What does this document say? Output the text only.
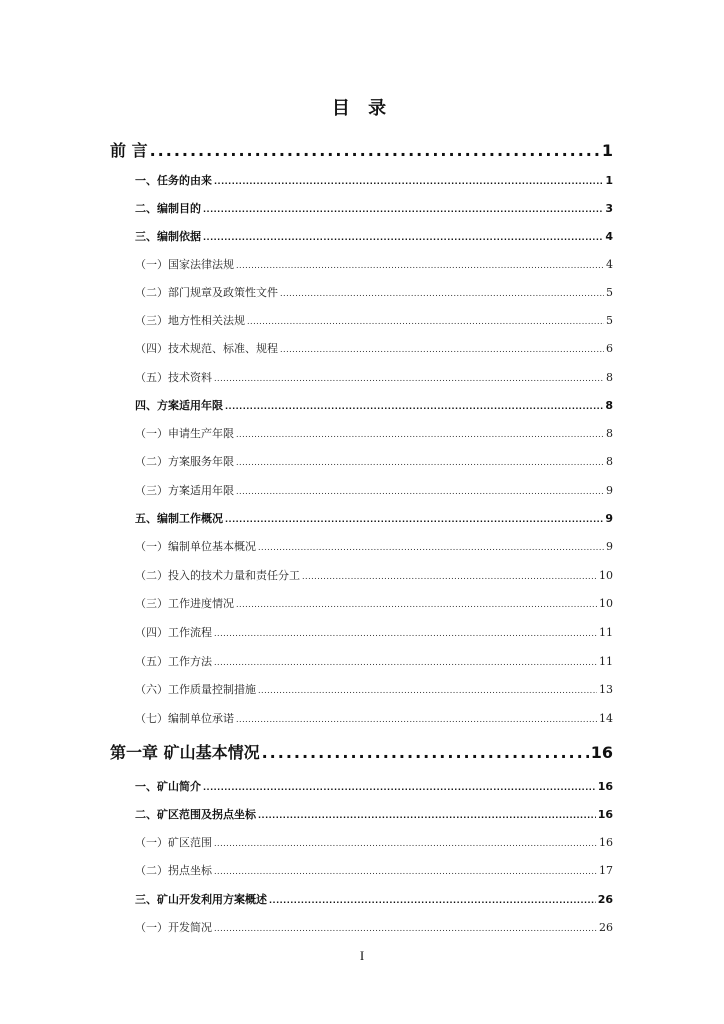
目 录
前 言 .....	1
一、任务的由来 .....	1
二、编制目的 .....	3
三、编制依据 .....	4
（一）国家法律法规 .....	4
（二）部门规章及政策性文件 .....	5
（三）地方性相关法规 .....	5
（四）技术规范、标准、规程 .....	6
（五）技术资料 .....	8
四、方案适用年限 .....	8
（一）申请生产年限 .....	8
（二）方案服务年限 .....	8
（三）方案适用年限 .....	9
五、编制工作概况 .....	9
（一）编制单位基本概况 .....	9
（二）投入的技术力量和责任分工 .....	10
（三）工作进度情况 .....	10
（四）工作流程 .....	11
（五）工作方法 .....	11
（六）工作质量控制措施 .....	13
（七）编制单位承诺 .....	14
第一章 矿山基本情况 .....	16
一、矿山简介 .....	16
二、矿区范围及拐点坐标 .....	16
（一）矿区范围 .....	16
（二）拐点坐标 .....	17
三、矿山开发利用方案概述 .....	26
（一）开发简况 .....	26
I
